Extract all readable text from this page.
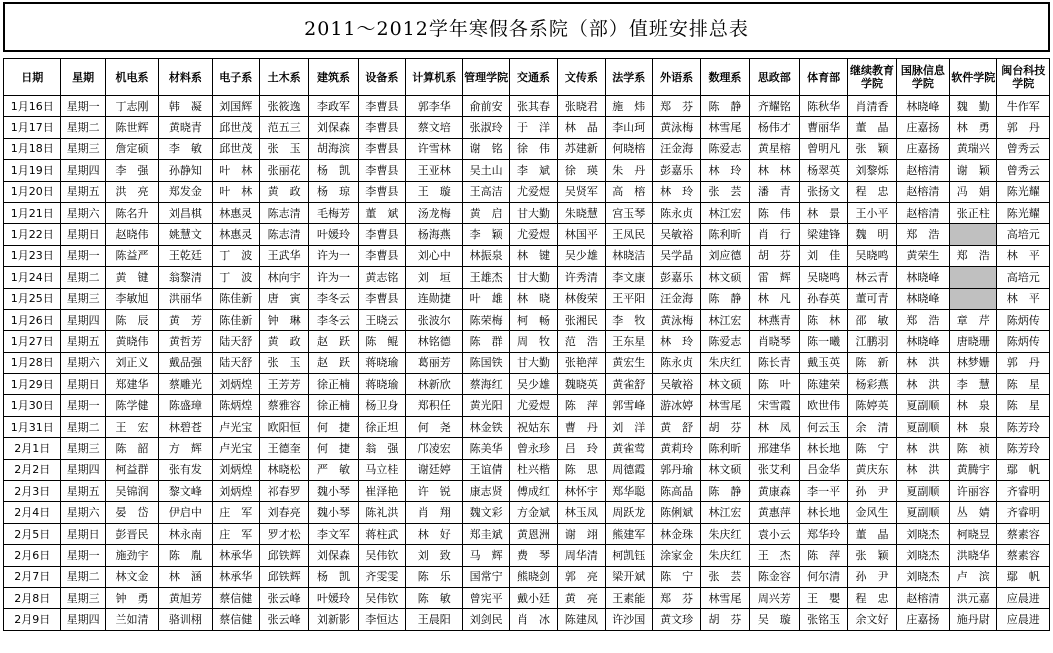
2011～2012学年寒假各系院（部）值班安排总表
日期	星期	机电系	材料系	电子系	土木系	建筑系	设备系	计算机系	管理学院	交通系	文传系	法学系	外语系	数理系	思政部	体育部	继续教育学院	国脉信息学院	软件学院	闽台科技学院
1月16日	星期一	丁志刚	韩　凝	刘国辉	张筱逸	李政军	李曹县	郭李华	俞前安	张其春	张晓君	施　炜	郑　芬	陈　静	齐耀铭	陈秋华	肖清香	林晓峰	魏　勤	牛作军
1月17日	星期二	陈世辉	黄晓青	邱世茂	范五三	刘保森	李曹县	蔡文培	张淑玲	于　洋	林　晶	李山珂	黄泳梅	林雪尾	杨伟才	曹丽华	董　晶	庄嘉扬	林　勇	郭　丹
1月18日	星期三	詹定硕	李　敏	邱世茂	张　玉	胡海滨	李曹县	许雪林	谢　铭	徐　伟	苏建新	何晓榕	汪金海	陈爱志	黄星榕	曾明凡	张　颖	庄嘉扬	黄瑞兴	曾秀云
1月19日	星期四	李　强	孙静知	叶　林	张丽花	杨　凯	李曹县	王亚林	吴土山	李　斌	徐　瑛	朱　丹	彭嘉乐	林　玲	林　林	杨翠英	刘黎烁	赵榕清	谢　颖	曾秀云
1月20日	星期五	洪　亮	郑发金	叶　林	黄　政	杨　琼	李曹县	王　璇	王高洁	尤爱煜	吴贤军	高　榕	林　玲	张　芸	潘　青	张扬文	程　忠	赵榕清	冯　娟	陈光耀
1月21日	星期六	陈名升	刘昌棋	林惠灵	陈志清	毛梅芳	董　斌	汤龙梅	黄　启	甘大勤	朱晓慧	宫玉琴	陈永贞	林江宏	陈　伟	林　景	王小平	赵榕清	张正柱	陈光耀
1月22日	星期日	赵晓伟	姚慧文	林惠灵	陈志清	叶媛玲	李曹县	杨海燕	李　颖	尤爱煜	林国平	王凤民	吴敏裕	陈利昕	肖　行	梁建锋	魏　明	郑　浩		高培元
1月23日	星期一	陈益严	王乾廷	丁　波	王武华	许为一	李曹县	刘心中	林振泉	林　键	吴少雄	林晓洁	吴学晶	刘应德	胡　芬	刘　佳	吴晓鸣	黄荣生	郑　浩	林　平
1月24日	星期二	黄　键	翁黎清	丁　波	林向宇	许为一	黄志铭	刘　垣	王雄杰	甘大勤	许秀清	李文康	彭嘉乐	林文硕	雷　辉	吴晓鸣	林云青	林晓峰		高培元
1月25日	星期三	李敏旭	洪丽华	陈佳新	唐　寅	李冬云	李曹县	连勋捷	叶　雄	林　晓	林俊荣	王平阳	汪金海	陈　静	林　凡	孙春英	董可青	林晓峰		林　平
1月26日	星期四	陈　辰	黄　芳	陈佳新	钟　琳	李冬云	王晓云	张波尔	陈荣梅	柯　畅	张湘民	李　牧	黄泳梅	林江宏	林燕青	陈　林	邵　敏	郑　浩	章　芹	陈炳传
1月27日	星期五	黄晓伟	黄哲芳	陆天舒	黄　政	赵　跃	陈　鲲	林铭德	陈　群	周　牧	范　浩	王东星	林　玲	陈爱志	肖晓琴	陈一曦	江鹏羽	林晓峰	唐晓珊	陈炳传
1月28日	星期六	刘正义	戴品强	陆天舒	张　玉	赵　跃	蒋晓瑜	葛丽芳	陈国铁	甘大勤	张艳萍	黄宏生	陈永贞	朱庆红	陈长青	戴玉英	陈　新	林　洪	林梦姗	郭　丹
1月29日	星期日	郑建华	蔡雕光	刘炳煌	王芳芳	徐正楠	蒋晓瑜	林新欣	蔡海红	吴少雄	魏晓英	黄雀舒	吴敏裕	林文硕	陈　叶	陈建荣	杨彩燕	林　洪	李　慧	陈　星
1月30日	星期一	陈学健	陈盛璋	陈炳煌	蔡雅容	徐正楠	杨卫身	郑积任	黄光阳	尤爱煜	陈　萍	郭雪峰	游冰婷	林雪尾	宋雪霞	欧世伟	陈婷英	夏副顺	林　泉	陈　星
1月31日	星期二	王　宏	林碧苍	卢光宝	欧阳恒	何　捷	徐正坦	何　尧	林金铁	祝姑东	曹　丹	刘　洋	黄　舒	胡　芬	林　凤	何云玉	余　清	夏副顺	林　泉	陈芳玲
2月1日	星期三	陈　韶	方　辉	卢光宝	王德奎	何　捷	翁　强	邝凌宏	陈美华	曾永珍	吕　玲	黄雀莺	黄莉玲	陈利昕	邢建华	林长地	陈　宁	林　洪	陈　祯	陈芳玲
2月2日	星期四	柯益群	张有发	刘炳煌	林晓松	严　敏	马立桂	谢廷婷	王谊倩	杜兴楷	陈　思	周德霞	郭丹瑜	林文硕	张艾利	吕金华	黄庆东	林　洪	黄腾宇	鄢　帆
2月3日	星期五	吴锦润	黎文峰	刘炳煌	祁春罗	魏小琴	崔泽艳	许　锐	康志贤	傅成红	林怀宇	郑华聪	陈高晶	陈　静	黄康森	李一平	孙　尹	夏副顺	许丽容	齐睿明
2月4日	星期六	晏　岱	伊启中	庄　军	刘春亮	魏小琴	陈礼洪	肖　翔	魏文彩	方金斌	林玉凤	周跃龙	陈俐斌	林江宏	黄惠萍	林长地	金风生	夏副顺	丛　婧	齐睿明
2月5日	星期日	彭晋民	林永南	庄　军	罗才松	李文军	蒋柱武	林　好	郑圭斌	黄恩洲	谢　翊	熊建军	林金珠	朱庆红	袁小云	郑华玲	董　晶	刘晓杰	柯晓昱	蔡素容
2月6日	星期一	施劲宇	陈　胤	林承华	邱铁辉	刘保森	吴伟钦	刘　致	马　辉	费　琴	周华清	柯凯钰	涂家金	朱庆红	王　杰	陈　萍	张　颖	刘晓杰	洪晓华	蔡素容
2月7日	星期二	林文金	林　涵	林承华	邱铁辉	杨　凯	齐雯雯	陈　乐	国常宁	熊晓剑	郭　亮	梁开斌	陈　宁	张　芸	陈金容	何尔清	孙　尹	刘晓杰	卢　滨	鄢　帆
2月8日	星期三	钟　勇	黄旭芳	蔡信健	张云峰	叶媛玲	吴伟钦	陈　敏	曾宪平	戴小廷	黄　亮	王素能	郑　芬	林雪尾	周兴芳	王　嬰	程　忠	赵榕清	洪元嘉	应晨进
2月9日	星期四	兰如清	骆训栩	蔡信健	张云峰	刘新影	李恒达	王晨阳	刘剑民	肖　冰	陈建凤	许沙国	黄文珍	胡　芬	吴　璇	张铭玉	余文好	庄嘉扬	施丹尉	应晨进
